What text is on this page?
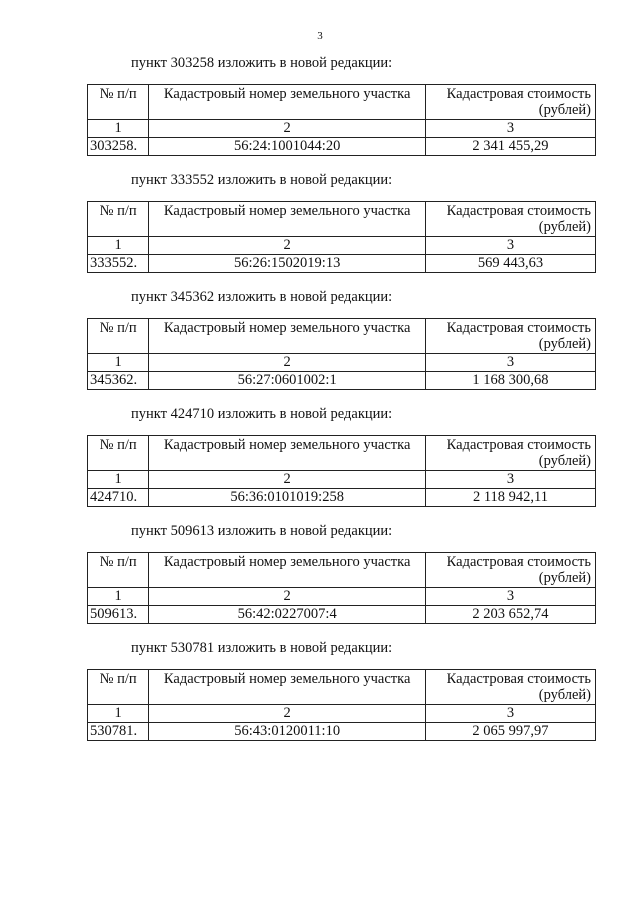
3

пункт 303258 изложить в новой редакции:

№ п/п	Кадастровый номер земельного участка	Кадастровая стоимость (рублей)
1	2	3
303258.	56:24:1001044:20	2 341 455,29

пункт 333552 изложить в новой редакции:

№ п/п	Кадастровый номер земельного участка	Кадастровая стоимость (рублей)
1	2	3
333552.	56:26:1502019:13	569 443,63

пункт 345362 изложить в новой редакции:

№ п/п	Кадастровый номер земельного участка	Кадастровая стоимость (рублей)
1	2	3
345362.	56:27:0601002:1	1 168 300,68

пункт 424710 изложить в новой редакции:

№ п/п	Кадастровый номер земельного участка	Кадастровая стоимость (рублей)
1	2	3
424710.	56:36:0101019:258	2 118 942,11

пункт 509613 изложить в новой редакции:

№ п/п	Кадастровый номер земельного участка	Кадастровая стоимость (рублей)
1	2	3
509613.	56:42:0227007:4	2 203 652,74

пункт 530781 изложить в новой редакции:

№ п/п	Кадастровый номер земельного участка	Кадастровая стоимость (рублей)
1	2	3
530781.	56:43:0120011:10	2 065 997,97
